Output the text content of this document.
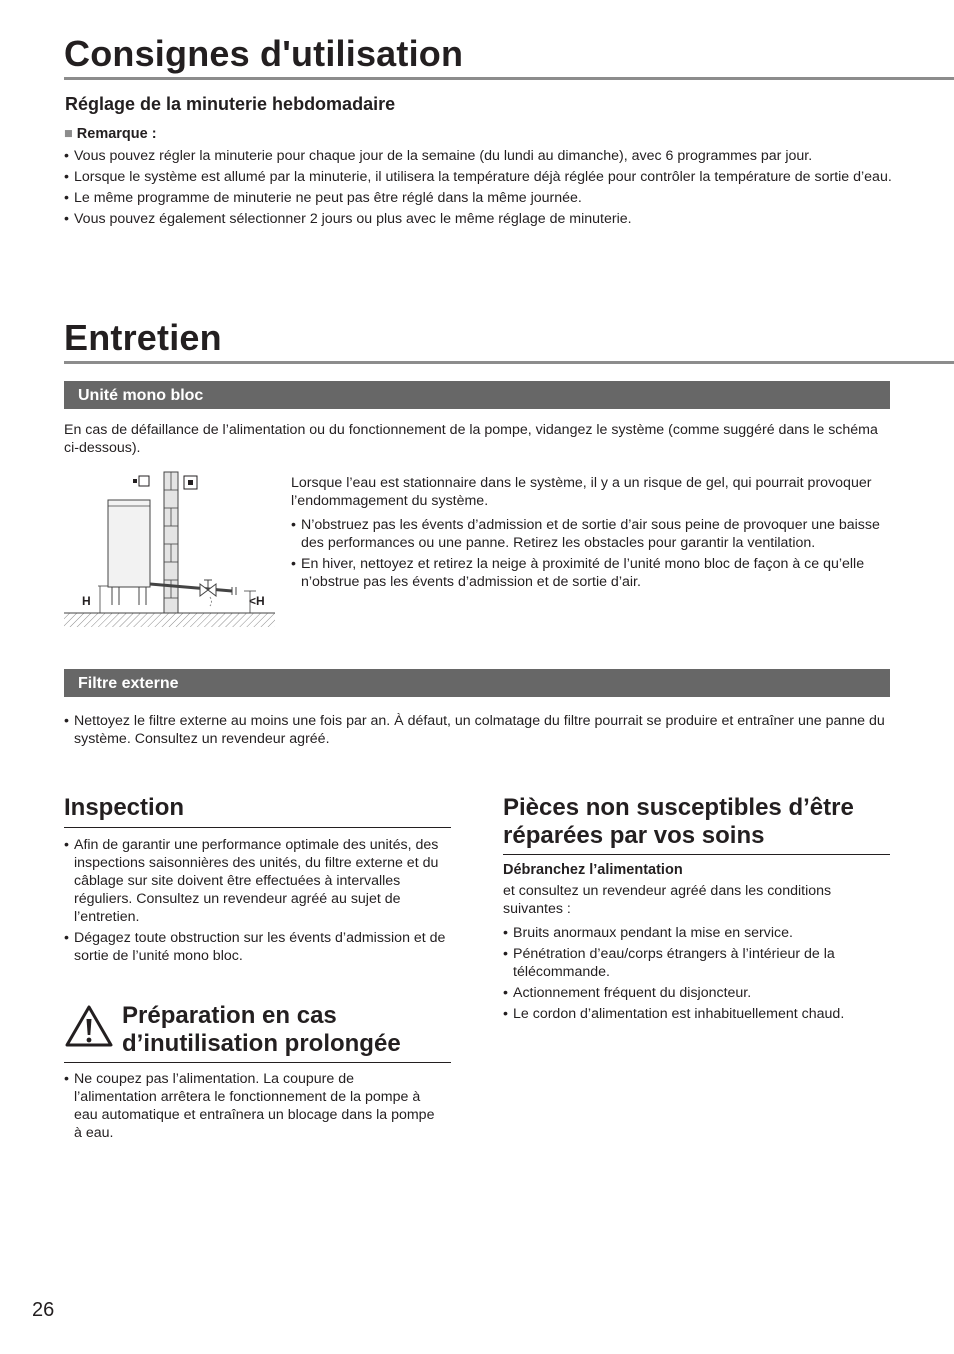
Consignes d'utilisation
Réglage de la minuterie hebdomadaire
■ Remarque :
• Vous pouvez régler la minuterie pour chaque jour de la semaine (du lundi au dimanche), avec 6 programmes par jour.
• Lorsque le système est allumé par la minuterie, il utilisera la température déjà réglée pour contrôler la température de sortie d’eau.
• Le même programme de minuterie ne peut pas être réglé dans la même journée.
• Vous pouvez également sélectionner 2 jours ou plus avec le même réglage de minuterie.
Entretien
Unité mono bloc
En cas de défaillance de l’alimentation ou du fonctionnement de la pompe, vidangez le système (comme suggéré dans le schéma ci-dessous).
H	<H
Lorsque l’eau est stationnaire dans le système, il y a un risque de gel, qui pourrait provoquer l’endommagement du système.
• N’obstruez pas les évents d’admission et de sortie d’air sous peine de provoquer une baisse des performances ou une panne. Retirez les obstacles pour garantir la ventilation.
• En hiver, nettoyez et retirez la neige à proximité de l’unité mono bloc de façon à ce qu’elle n’obstrue pas les évents d’admission et de sortie d’air.
Filtre externe
• Nettoyez le filtre externe au moins une fois par an. À défaut, un colmatage du filtre pourrait se produire et entraîner une panne du système. Consultez un revendeur agréé.
Inspection
• Afin de garantir une performance optimale des unités, des inspections saisonnières des unités, du filtre externe et du câblage sur site doivent être effectuées à intervalles réguliers. Consultez un revendeur agréé au sujet de l’entretien.
• Dégagez toute obstruction sur les évents d’admission et de sortie de l’unité mono bloc.
Préparation en cas
d’inutilisation prolongée
• Ne coupez pas l’alimentation. La coupure de l’alimentation arrêtera le fonctionnement de la pompe à eau automatique et entraînera un blocage dans la pompe à eau.
Pièces non susceptibles d’être
réparées par vos soins
Débranchez l’alimentation
et consultez un revendeur agréé dans les conditions suivantes :
• Bruits anormaux pendant la mise en service.
• Pénétration d’eau/corps étrangers à l’intérieur de la télécommande.
• Actionnement fréquent du disjoncteur.
• Le cordon d’alimentation est inhabituellement chaud.
26
